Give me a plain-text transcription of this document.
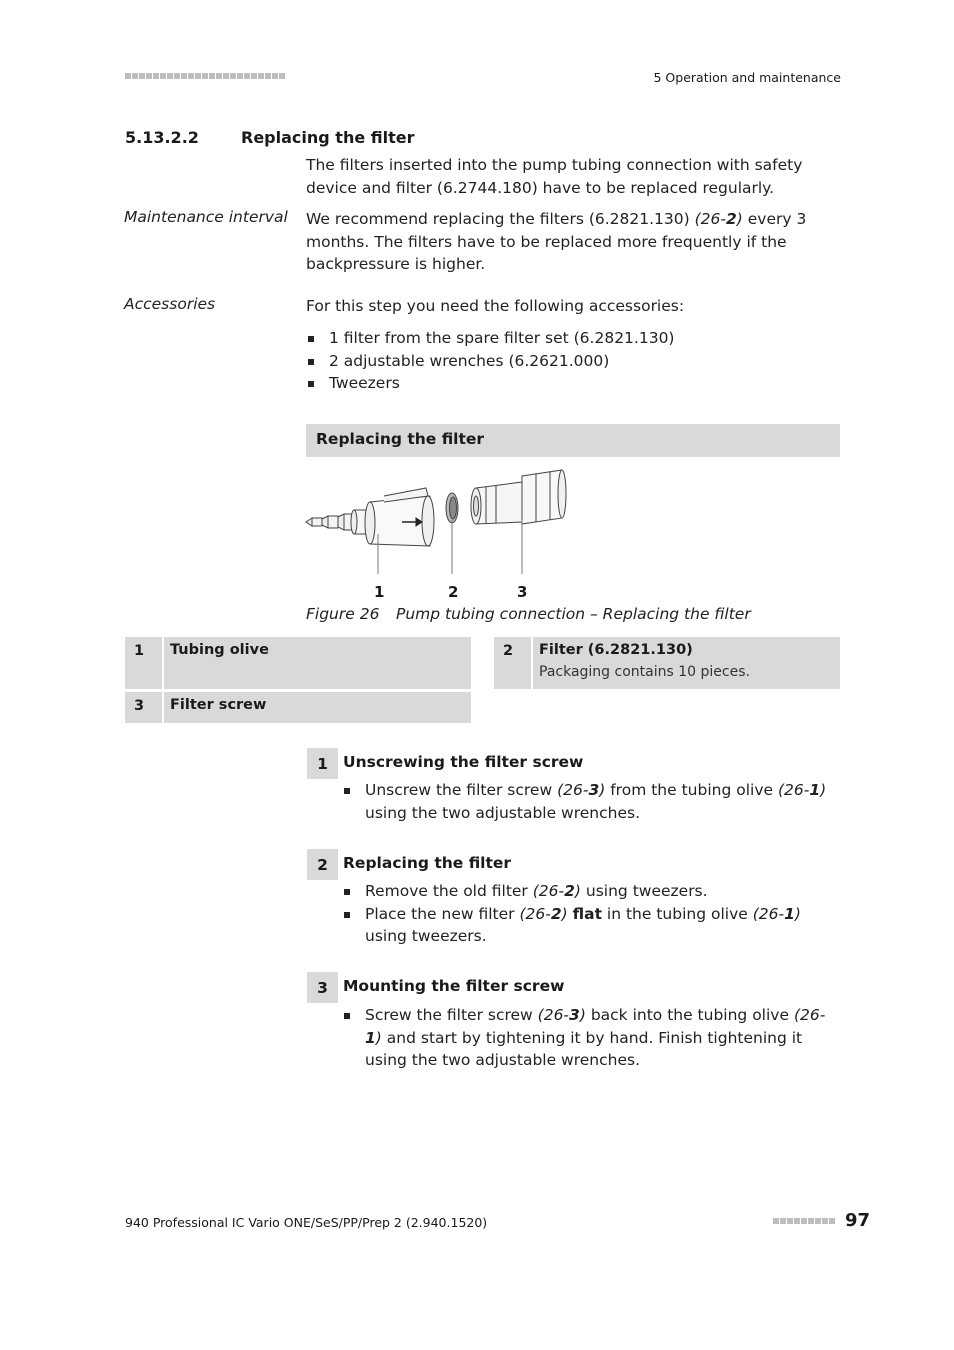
5 Operation and maintenance
5.13.2.2	Replacing the filter
The filters inserted into the pump tubing connection with safety device and filter (6.2744.180) have to be replaced regularly.
Maintenance interval We recommend replacing the filters (6.2821.130) (26-2) every 3 months. The filters have to be replaced more frequently if the backpressure is higher.
Accessories	For this step you need the following accessories:
1 filter from the spare filter set (6.2821.130)
2 adjustable wrenches (6.2621.000)
Tweezers
Replacing the filter
1	2	3
Figure 26 Pump tubing connection – Replacing the filter
1 Tubing olive	2 Filter (6.2821.130)
Packaging contains 10 pieces.
3 Filter screw
1 Unscrewing the filter screw
Unscrew the filter screw (26-3) from the tubing olive (26-1) using the two adjustable wrenches.
2 Replacing the filter
Remove the old filter (26-2) using tweezers.
Place the new filter (26-2) flat in the tubing olive (26-1) using tweezers.
3 Mounting the filter screw
Screw the filter screw (26-3) back into the tubing olive (26-1) and start by tightening it by hand. Finish tightening it using the two adjustable wrenches.
940 Professional IC Vario ONE/SeS/PP/Prep 2 (2.940.1520)	97
